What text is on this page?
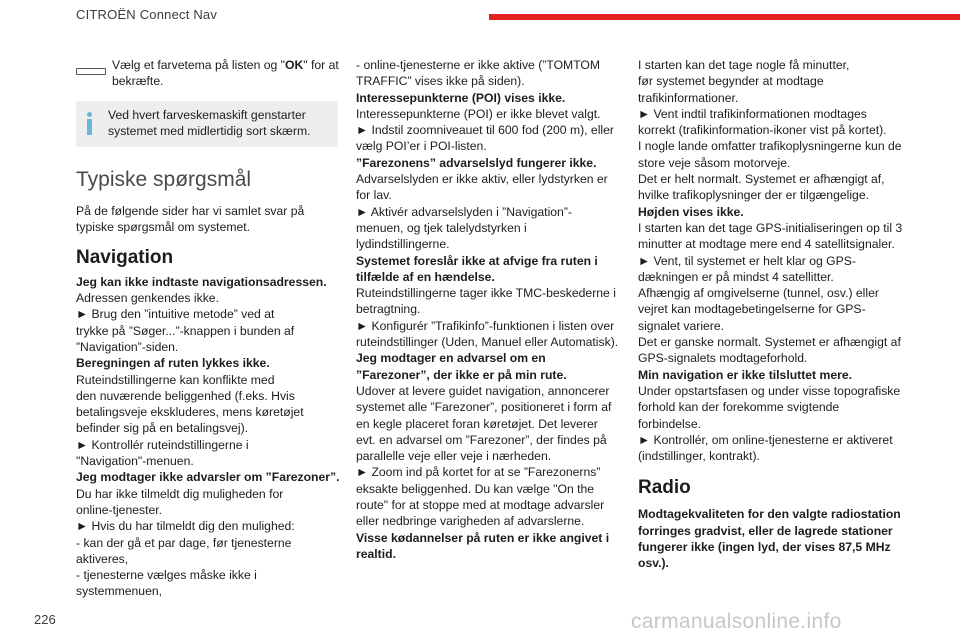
CITROËN Connect Nav
Vælg et farvetema på listen og "OK" for at
bekræfte.
Ved hvert farveskemaskift genstarter
systemet med midlertidig sort skærm.
Typiske spørgsmål
På de følgende sider har vi samlet svar på
typiske spørgsmål om systemet.
Navigation
Jeg kan ikke indtaste navigationsadressen.
Adressen genkendes ikke.
► Brug den ”intuitive metode” ved at
trykke på ”Søger...”-knappen i bunden af
”Navigation”-siden.
Beregningen af ruten lykkes ikke.
Ruteindstillingerne kan konflikte med
den nuværende beliggenhed (f.eks. Hvis
betalingsveje ekskluderes, mens køretøjet
befinder sig på en betalingsvej).
► Kontrollér ruteindstillingerne i
"Navigation"-menuen.
Jeg modtager ikke advarsler om ”Farezoner”.
Du har ikke tilmeldt dig muligheden for
online-tjenester.
► Hvis du har tilmeldt dig den mulighed:
- kan der gå et par dage, før tjenesterne
aktiveres,
- tjenesterne vælges måske ikke i
systemmenuen,
- online-tjenesterne er ikke aktive (”TOMTOM
TRAFFIC” vises ikke på siden).
Interessepunkterne (POI) vises ikke.
Interessepunkterne (POI) er ikke blevet valgt.
► Indstil zoomniveauet til 600 fod (200 m), eller
vælg POI’er i POI-listen.
”Farezonens” advarselslyd fungerer ikke.
Advarselslyden er ikke aktiv, eller lydstyrken er
for lav.
► Aktivér advarselslyden i ”Navigation”-
menuen, og tjek talelydstyrken i
lydindstillingerne.
Systemet foreslår ikke at afvige fra ruten i
tilfælde af en hændelse.
Ruteindstillingerne tager ikke TMC-beskederne i
betragtning.
► Konfigurér ”Trafikinfo”-funktionen i listen over
ruteindstillinger (Uden, Manuel eller Automatisk).
Jeg modtager en advarsel om en
”Farezoner”, der ikke er på min rute.
Udover at levere guidet navigation, annoncerer
systemet alle ”Farezoner”, positioneret i form af
en kegle placeret foran køretøjet. Det leverer
evt. en advarsel om ”Farezoner”, der findes på
parallelle veje eller veje i nærheden.
► Zoom ind på kortet for at se ”Farezonerns”
eksakte beliggenhed. Du kan vælge "On the
route" for at stoppe med at modtage advarsler
eller nedbringe varigheden af advarslerne.
Visse kødannelser på ruten er ikke angivet i
realtid.
I starten kan det tage nogle få minutter,
før systemet begynder at modtage
trafikinformationer.
► Vent indtil trafikinformationen modtages
korrekt (trafikinformation-ikoner vist på kortet).
I nogle lande omfatter trafikoplysningerne kun de
store veje såsom motorveje.
Det er helt normalt. Systemet er afhængigt af,
hvilke trafikoplysninger der er tilgængelige.
Højden vises ikke.
I starten kan det tage GPS-initialiseringen op til 3
minutter at modtage mere end 4 satellitsignaler.
► Vent, til systemet er helt klar og GPS-
dækningen er på mindst 4 satellitter.
Afhængig af omgivelserne (tunnel, osv.) eller
vejret kan modtagebetingelserne for GPS-
signalet variere.
Det er ganske normalt. Systemet er afhængigt af
GPS-signalets modtageforhold.
Min navigation er ikke tilsluttet mere.
Under opstartsfasen og under visse topografiske
forhold kan der forekomme svigtende
forbindelse.
► Kontrollér, om online-tjenesterne er aktiveret
(indstillinger, kontrakt).
Radio
Modtagekvaliteten for den valgte radiostation
forringes gradvist, eller de lagrede stationer
fungerer ikke (ingen lyd, der vises 87,5 MHz
osv.).
226	carmanualsonline.info
